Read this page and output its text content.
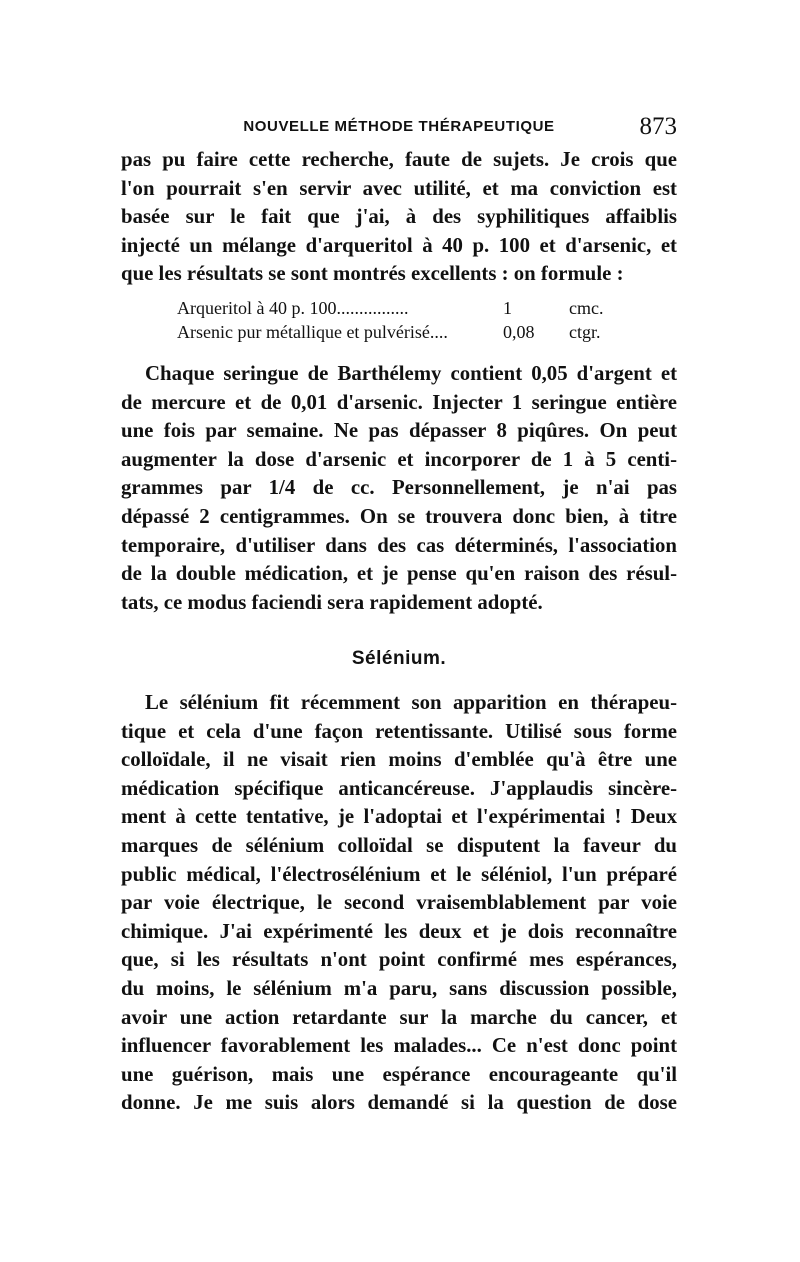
NOUVELLE MÉTHODE THÉRAPEUTIQUE	873

pas pu faire cette recherche, faute de sujets. Je crois que
l'on pourrait s'en servir avec utilité, et ma conviction est
basée sur le fait que j'ai, à des syphilitiques affaiblis
injecté un mélange d'arqueritol à 40 p. 100 et d'arsenic, et
que les résultats se sont montrés excellents : on formule :

Arqueritol à 40 p. 100................	1	cmc.
Arsenic pur métallique et pulvérisé....	0,08 ctgr.

Chaque seringue de Barthélemy contient 0,05 d'argent et
de mercure et de 0,01 d'arsenic. Injecter 1 seringue entière
une fois par semaine. Ne pas dépasser 8 piqûres. On peut
augmenter la dose d'arsenic et incorporer de 1 à 5 centi-
grammes par 1/4 de cc. Personnellement, je n'ai pas
dépassé 2 centigrammes. On se trouvera donc bien, à titre
temporaire, d'utiliser dans des cas déterminés, l'association
de la double médication, et je pense qu'en raison des résul-
tats, ce modus faciendi sera rapidement adopté.

Sélénium.

Le sélénium fit récemment son apparition en thérapeu-
tique et cela d'une façon retentissante. Utilisé sous forme
colloïdale, il ne visait rien moins d'emblée qu'à être une
médication spécifique anticancéreuse. J'applaudis sincère-
ment à cette tentative, je l'adoptai et l'expérimentai ! Deux
marques de sélénium colloïdal se disputent la faveur du
public médical, l'électrosélénium et le séléniol, l'un préparé
par voie électrique, le second vraisemblablement par voie
chimique. J'ai expérimenté les deux et je dois reconnaître
que, si les résultats n'ont point confirmé mes espérances,
du moins, le sélénium m'a paru, sans discussion possible,
avoir une action retardante sur la marche du cancer, et
influencer favorablement les malades... Ce n'est donc point
une guérison, mais une espérance encourageante qu'il
donne. Je me suis alors demandé si la question de dose
